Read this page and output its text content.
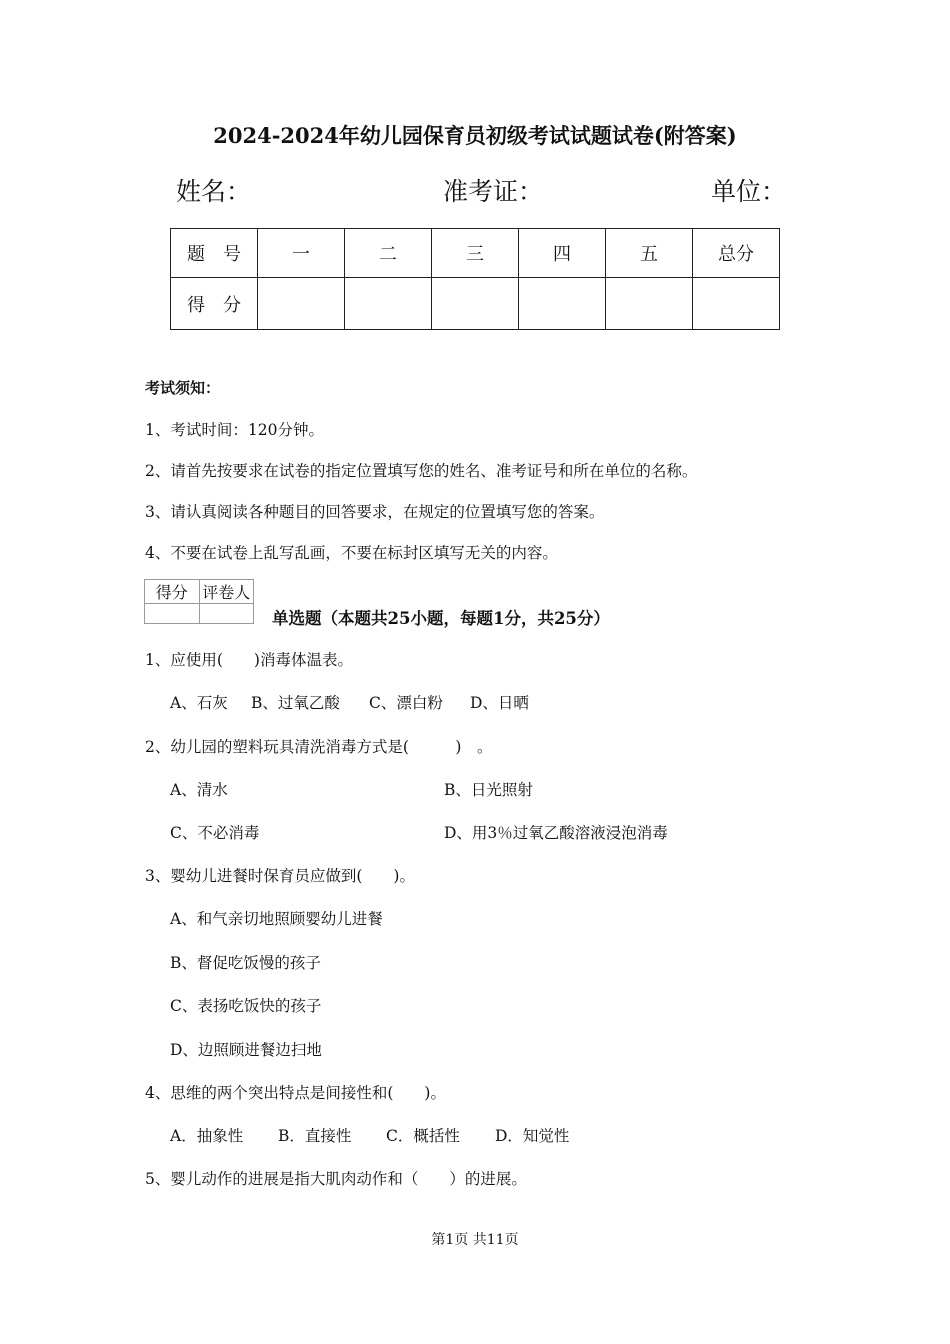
2024-2024年幼儿园保育员初级考试试题试卷(附答案)
姓名：	准考证：	单位：
题　号	一	二	三	四	五	总分
得　分						
考试须知：
1、考试时间：120分钟。
2、请首先按要求在试卷的指定位置填写您的姓名、准考证号和所在单位的名称。
3、请认真阅读各种题目的回答要求，在规定的位置填写您的答案。
4、不要在试卷上乱写乱画，不要在标封区填写无关的内容。
得分	评卷人

单选题（本题共25小题，每题1分，共25分）
1、应使用(　　)消毒体温表。
A、石灰 B、过氧乙酸 C、漂白粉 D、日晒
2、幼儿园的塑料玩具清洗消毒方式是(　　　)　。
A、清水	B、日光照射
C、不必消毒	D、用3％过氧乙酸溶液浸泡消毒
3、婴幼儿进餐时保育员应做到(　　)。
A、和气亲切地照顾婴幼儿进餐
B、督促吃饭慢的孩子
C、表扬吃饭快的孩子
D、边照顾进餐边扫地
4、思维的两个突出特点是间接性和(　　)。
A．抽象性 B．直接性 C．概括性 D．知觉性
5、婴儿动作的进展是指大肌肉动作和（　　）的进展。
第1页 共11页
